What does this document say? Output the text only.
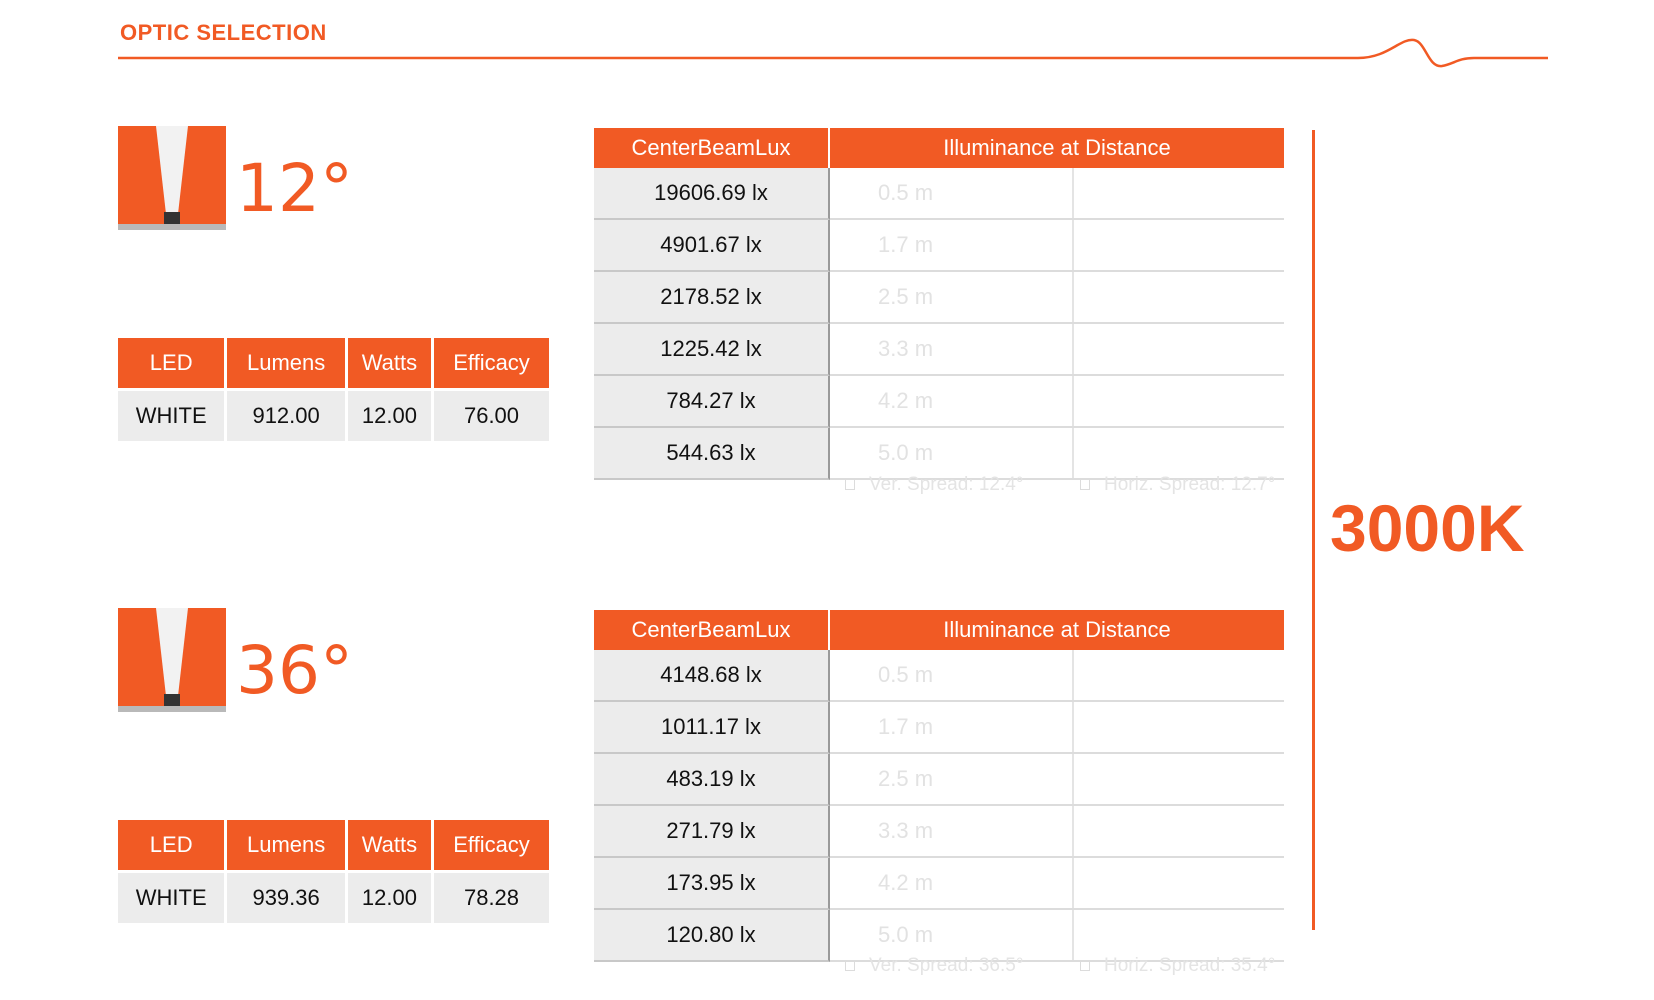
OPTIC SELECTION
12°
LED	Lumens	Watts	Efficacy
WHITE	912.00	12.00	76.00
CenterBeamLux	Illuminance at Distance
19606.69 lx	0.5 m

4901.67 lx	1.7 m

2178.52 lx	2.5 m

1225.42 lx	3.3 m

784.27 lx	4.2 m

544.63 lx	5.0 m
Ver. Spread: 12.4°	Horiz. Spread: 12.7°
36°
LED	Lumens	Watts	Efficacy
WHITE	939.36	12.00	78.28
CenterBeamLux	Illuminance at Distance
4148.68 lx	0.5 m

1011.17 lx	1.7 m

483.19 lx	2.5 m

271.79 lx	3.3 m

173.95 lx	4.2 m

120.80 lx	5.0 m
Ver. Spread: 36.5°	Horiz. Spread: 35.4°
3000K
